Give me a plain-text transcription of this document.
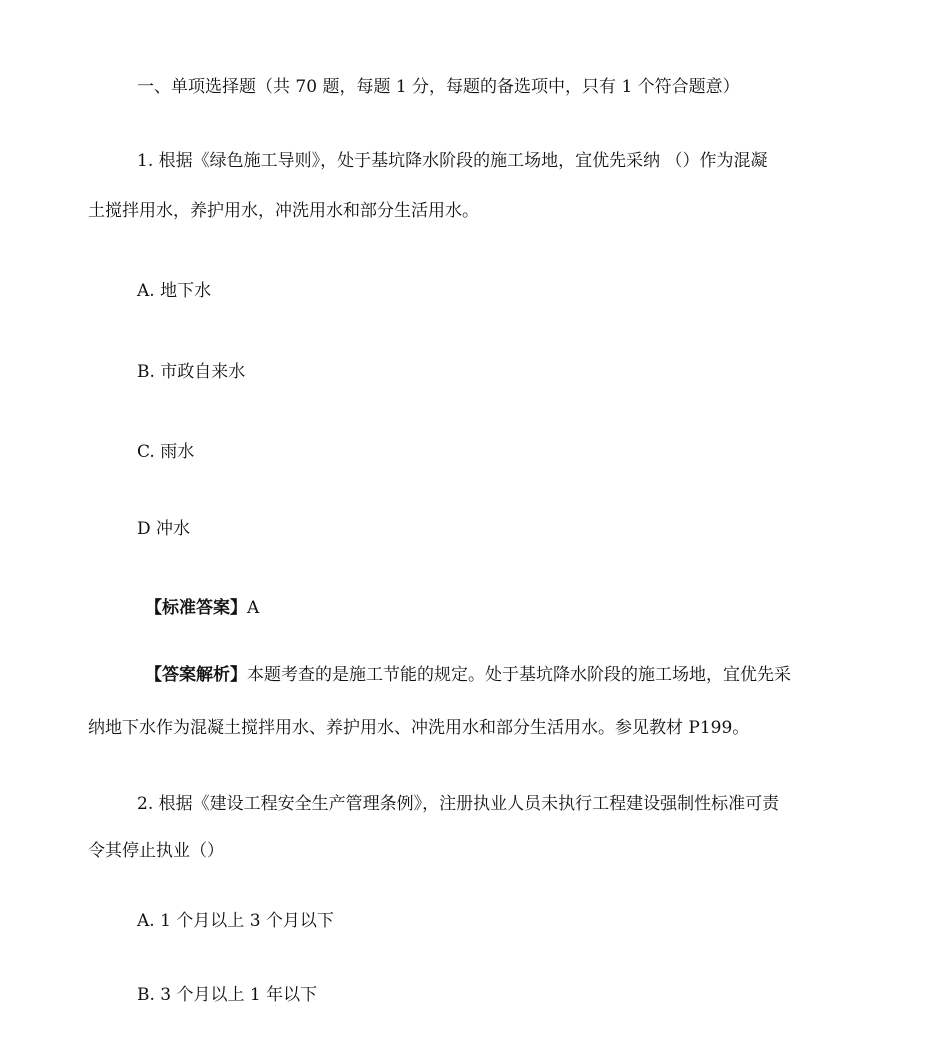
一、单项选择题（共 70 题，每题 1 分，每题的备选项中，只有 1 个符合题意）
1. 根据《绿色施工导则》，处于基坑降水阶段的施工场地，宜优先采纳 （）作为混凝
土搅拌用水，养护用水，冲洗用水和部分生活用水。
A. 地下水
B. 市政自来水
C. 雨水
D 冲水
【标准答案】A
【答案解析】本题考查的是施工节能的规定。处于基坑降水阶段的施工场地，宜优先采
纳地下水作为混凝土搅拌用水、养护用水、冲洗用水和部分生活用水。参见教材 P199。
2. 根据《建设工程安全生产管理条例》，注册执业人员未执行工程建设强制性标准可责
令其停止执业（）
A. 1 个月以上 3 个月以下
B. 3 个月以上 1 年以下
